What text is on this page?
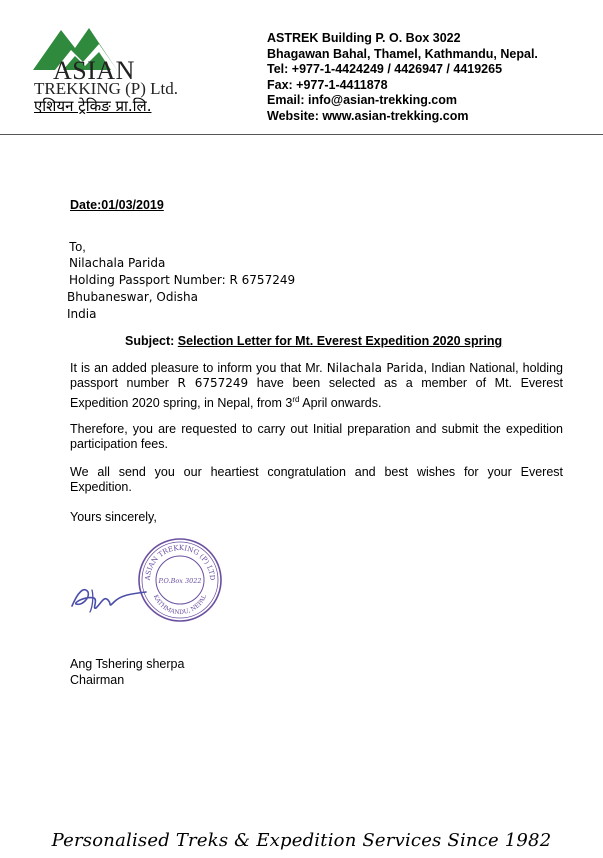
ASIAN
TREKKING (P) Ltd.
एशियन ट्रेकिङ प्रा.लि.
ASTREK Building P. O. Box 3022
Bhagawan Bahal, Thamel, Kathmandu, Nepal.
Tel: +977-1-4424249 / 4426947 / 4419265
Fax: +977-1-4411878
Email: info@asian-trekking.com
Website: www.asian-trekking.com
Date:01/03/2019
To,
Nilachala Parida
Holding Passport Number: R 6757249
Bhubaneswar, Odisha
India
Subject: Selection Letter for Mt. Everest Expedition 2020 spring
It is an added pleasure to inform you that Mr. Nilachala Parida, Indian National, holding passport number R 6757249 have been selected as a member of Mt. Everest Expedition 2020 spring, in Nepal, from 3rd April onwards.
Therefore, you are requested to carry out Initial preparation and submit the expedition participation fees.
We all send you our heartiest congratulation and best wishes for your Everest Expedition.
Yours sincerely,
ASIAN TREKKING (P) LTD
KATHMANDU, NEPAL
P.O.Box 3022
Ang Tshering sherpa
Chairman
Personalised Treks & Expedition Services Since 1982
